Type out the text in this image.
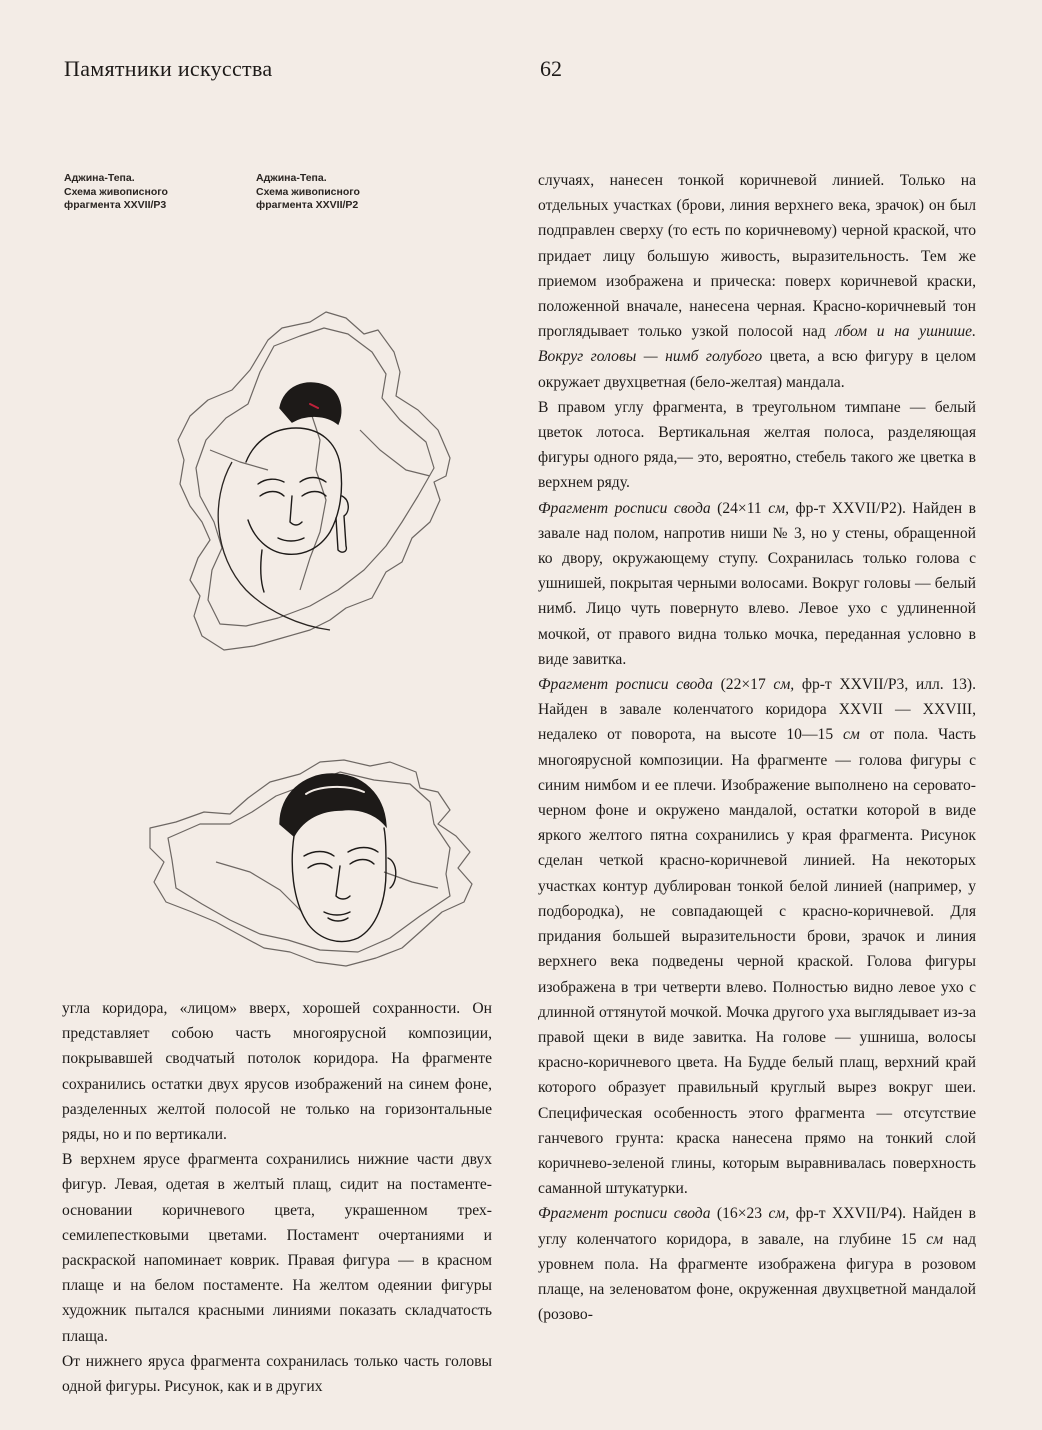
Памятники искусства	62
Аджина-Тепа.
Схема живописного
фрагмента XXVII/P3
Аджина-Тепа.
Схема живописного
фрагмента XXVII/P2

угла коридора, «лицом» вверх, хорошей сохранности. Он представляет собою часть многоярусной композиции, покрывавшей сводчатый потолок коридора. На фрагменте сохранились остатки двух ярусов изображений на синем фоне, разделенных желтой полосой не только на горизонтальные ряды, но и по вертикали.

В верхнем ярусе фрагмента сохранились нижние части двух фигур. Левая, одетая в желтый плащ, сидит на постаменте-основании коричневого цвета, украшенном трех-семилепестковыми цветами. Постамент очертаниями и раскраской напоминает коврик. Правая фигура — в красном плаще и на белом постаменте. На желтом одеянии фигуры художник пытался красными линиями показать складчатость плаща.

От нижнего яруса фрагмента сохранилась только часть головы одной фигуры. Рисунок, как и в других

случаях, нанесен тонкой коричневой линией. Только на отдельных участках (брови, линия верхнего века, зрачок) он был подправлен сверху (то есть по коричневому) черной краской, что придает лицу большую живость, выразительность. Тем же приемом изображена и прическа: поверх коричневой краски, положенной вначале, нанесена черная. Красно-коричневый тон проглядывает только узкой полосой над лбом и на ушнише. Вокруг головы — нимб голубого цвета, а всю фигуру в целом окружает двухцветная (бело-желтая) мандала.

В правом углу фрагмента, в треугольном тимпане — белый цветок лотоса. Вертикальная желтая полоса, разделяющая фигуры одного ряда,— это, вероятно, стебель такого же цветка в верхнем ряду.

Фрагмент росписи свода (24×11 см, фр-т XXVII/P2). Найден в завале над полом, напротив ниши № 3, но у стены, обращенной ко двору, окружающему ступу. Сохранилась только голова с ушнишей, покрытая черными волосами. Вокруг головы — белый нимб. Лицо чуть повернуто влево. Левое ухо с удлиненной мочкой, от правого видна только мочка, переданная условно в виде завитка.

Фрагмент росписи свода (22×17 см, фр-т XXVII/P3, илл. 13). Найден в завале коленчатого коридора XXVII — XXVIII, недалеко от поворота, на высоте 10—15 см от пола. Часть многоярусной композиции. На фрагменте — голова фигуры с синим нимбом и ее плечи. Изображение выполнено на серовато-черном фоне и окружено мандалой, остатки которой в виде яркого желтого пятна сохранились у края фрагмента. Рисунок сделан четкой красно-коричневой линией. На некоторых участках контур дублирован тонкой белой линией (например, у подбородка), не совпадающей с красно-коричневой. Для придания большей выразительности брови, зрачок и линия верхнего века подведены черной краской. Голова фигуры изображена в три четверти влево. Полностью видно левое ухо с длинной оттянутой мочкой. Мочка другого уха выглядывает из-за правой щеки в виде завитка. На голове — ушниша, волосы красно-коричневого цвета. На Будде белый плащ, верхний край которого образует правильный круглый вырез вокруг шеи. Специфическая особенность этого фрагмента — отсутствие ганчевого грунта: краска нанесена прямо на тонкий слой коричнево-зеленой глины, которым выравнивалась поверхность саманной штукатурки.

Фрагмент росписи свода (16×23 см, фр-т XXVII/P4). Найден в углу коленчатого коридора, в завале, на глубине 15 см над уровнем пола. На фрагменте изображена фигура в розовом плаще, на зеленоватом фоне, окруженная двухцветной мандалой (розово-
